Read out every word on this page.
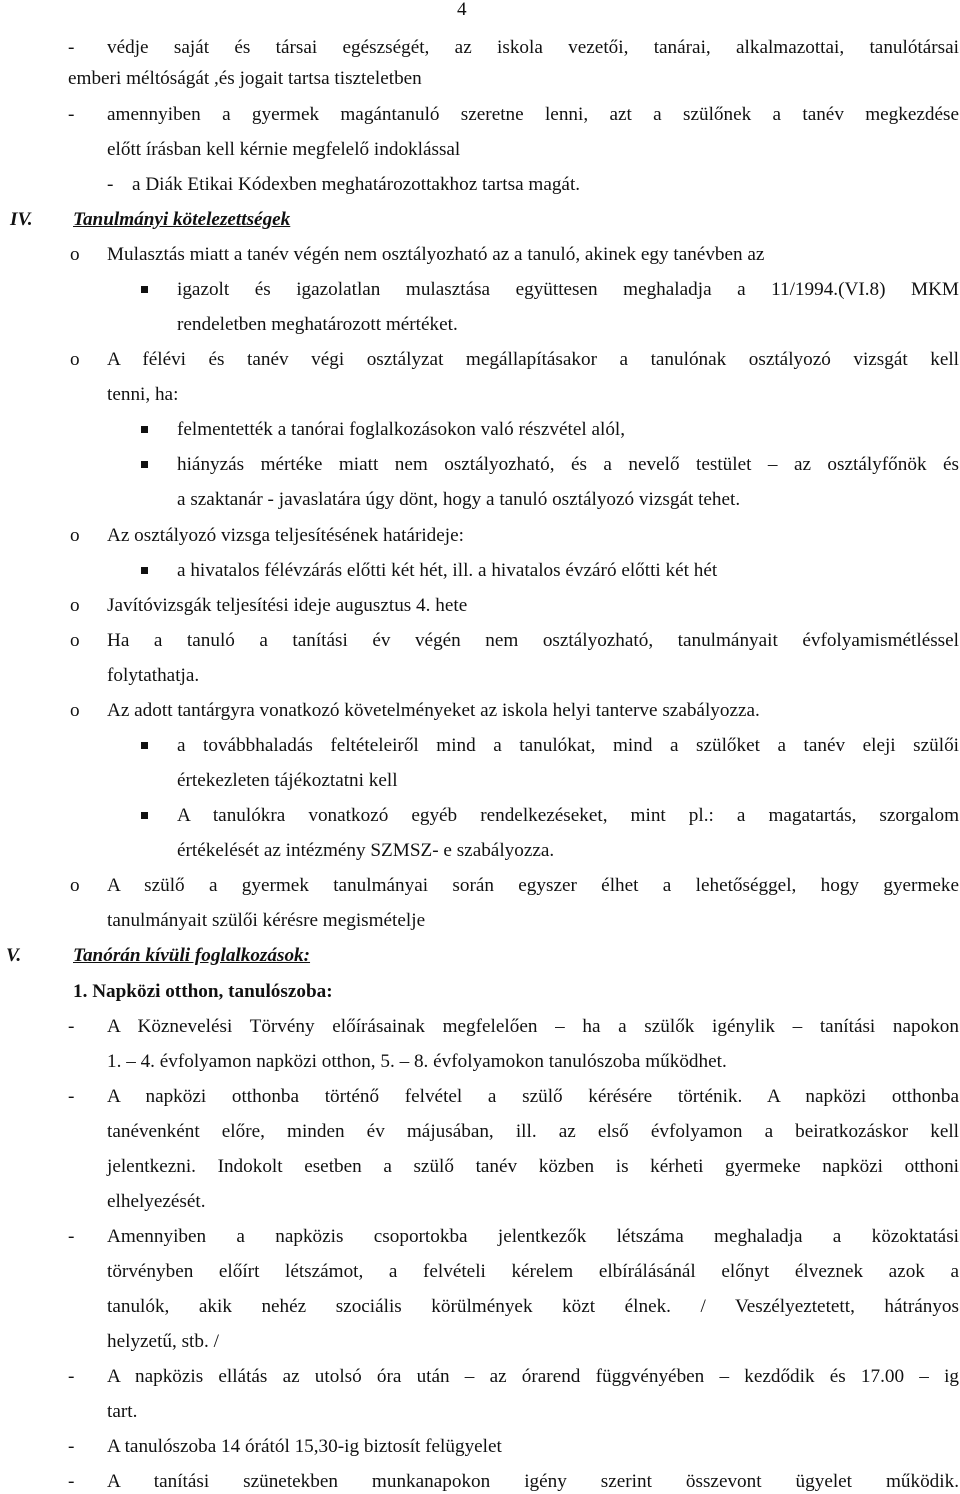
4
- védje saját és társai egészségét, az iskola vezetői, tanárai, alkalmazottai, tanulótársai
emberi méltóságát ,és jogait tartsa tiszteletben
- amennyiben a gyermek magántanuló szeretne lenni, azt a szülőnek a tanév megkezdése
előtt írásban kell kérnie megfelelő indoklással
- a Diák Etikai Kódexben meghatározottakhoz tartsa magát.
IV. Tanulmányi kötelezettségek
o Mulasztás miatt a tanév végén nem osztályozható az a tanuló, akinek egy tanévben az
igazolt és igazolatlan mulasztása együttesen meghaladja a 11/1994.(VI.8) MKM
rendeletben meghatározott mértéket.
o A félévi és tanév végi osztályzat megállapításakor a tanulónak osztályozó vizsgát kell
tenni, ha:
felmentették a tanórai foglalkozásokon való részvétel alól,
hiányzás mértéke miatt nem osztályozható, és a nevelő testület – az osztályfőnök és
a szaktanár - javaslatára úgy dönt, hogy a tanuló osztályozó vizsgát tehet.
o Az osztályozó vizsga teljesítésének határideje:
a hivatalos félévzárás előtti két hét, ill. a hivatalos évzáró előtti két hét
o Javítóvizsgák teljesítési ideje augusztus 4. hete
o Ha a tanuló a tanítási év végén nem osztályozható, tanulmányait évfolyamismétléssel
folytathatja.
o Az adott tantárgyra vonatkozó követelményeket az iskola helyi tanterve szabályozza.
a továbbhaladás feltételeiről mind a tanulókat, mind a szülőket a tanév eleji szülői
értekezleten tájékoztatni kell
A tanulókra vonatkozó egyéb rendelkezéseket, mint pl.: a magatartás, szorgalom
értékelését az intézmény SZMSZ- e szabályozza.
o A szülő a gyermek tanulmányai során egyszer élhet a lehetőséggel, hogy gyermeke
tanulmányait szülői kérésre megismételje
V.	Tanórán kívüli foglalkozások:
1. Napközi otthon, tanulószoba:
- A Köznevelési Törvény előírásainak megfelelően – ha a szülők igénylik – tanítási napokon
1. – 4. évfolyamon napközi otthon, 5. – 8. évfolyamokon tanulószoba működhet.
- A napközi otthonba történő felvétel a szülő kérésére történik. A napközi otthonba
tanévenként előre, minden év májusában, ill. az első évfolyamon a beiratkozáskor kell
jelentkezni. Indokolt esetben a szülő tanév közben is kérheti gyermeke napközi otthoni
elhelyezését.
- Amennyiben a napközis csoportokba jelentkezők létszáma meghaladja a közoktatási
törvényben előírt létszámot, a felvételi kérelem elbírálásánál előnyt élveznek azok a
tanulók, akik nehéz szociális körülmények közt élnek. / Veszélyeztetett, hátrányos
helyzetű, stb. /
- A napközis ellátás az utolsó óra után – az órarend függvényében – kezdődik és 17.00 – ig
tart.
- A tanulószoba 14 órától 15,30-ig biztosít felügyelet
- A tanítási szünetekben munkanapokon igény szerint összevont ügyelet működik.
